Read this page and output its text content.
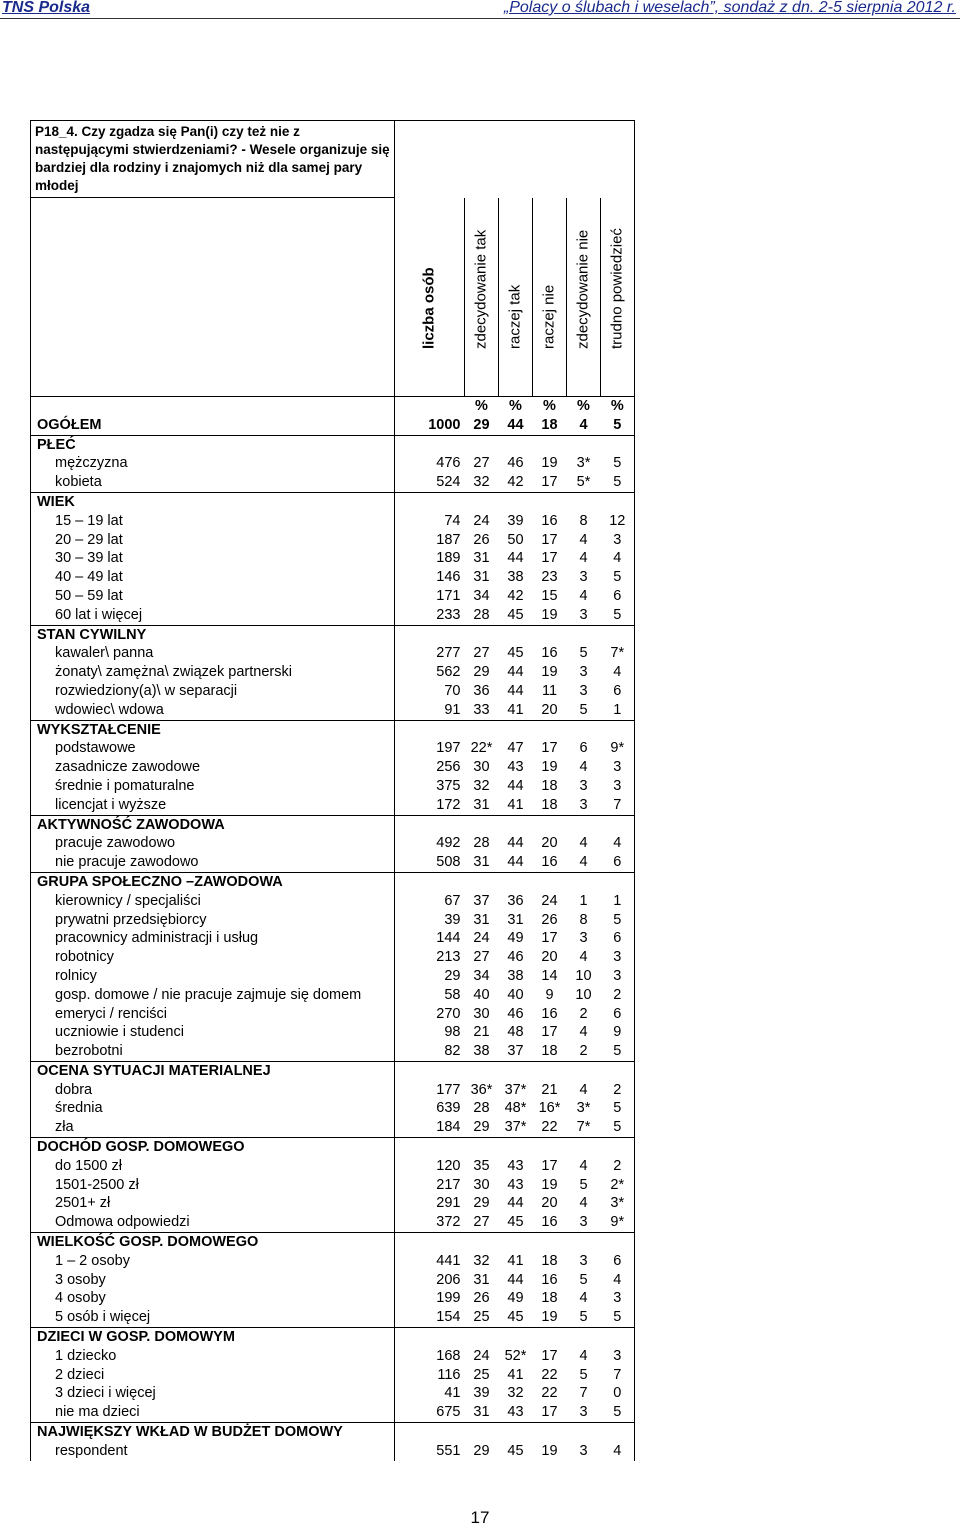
TNS Polska	„Polacy o ślubach i weselach”, sondaż z dn. 2-5 sierpnia 2012 r.
P18_4. Czy zgadza się Pan(i) czy też nie z następującymi stwierdzeniami? - Wesele organizuje się bardziej dla rodziny i znajomych niż dla samej pary młodej						

	liczba osób	zdecydowanie tak	raczej tak	raczej nie	zdecydowanie nie	trudno powiedzieć

		%	%	%	%	%
OGÓŁEM	1000	29	44	18	4	5
PŁEĆ						
mężczyzna	476	27	46	19	3*	5
kobieta	524	32	42	17	5*	5
WIEK						
15 – 19 lat	74	24	39	16	8	12
20 – 29 lat	187	26	50	17	4	3
30 – 39 lat	189	31	44	17	4	4
40 – 49 lat	146	31	38	23	3	5
50 – 59 lat	171	34	42	15	4	6
60 lat i więcej	233	28	45	19	3	5
STAN CYWILNY						
kawaler\ panna	277	27	45	16	5	7*
żonaty\ zamężna\ związek partnerski	562	29	44	19	3	4
rozwiedziony(a)\ w separacji	70	36	44	11	3	6
wdowiec\ wdowa	91	33	41	20	5	1
WYKSZTAŁCENIE						
podstawowe	197	22*	47	17	6	9*
zasadnicze zawodowe	256	30	43	19	4	3
średnie i pomaturalne	375	32	44	18	3	3
licencjat i wyższe	172	31	41	18	3	7
AKTYWNOŚĆ ZAWODOWA						
pracuje zawodowo	492	28	44	20	4	4
nie pracuje zawodowo	508	31	44	16	4	6
GRUPA SPOŁECZNO –ZAWODOWA						
kierownicy / specjaliści	67	37	36	24	1	1
prywatni przedsiębiorcy	39	31	31	26	8	5
pracownicy administracji i usług	144	24	49	17	3	6
robotnicy	213	27	46	20	4	3
rolnicy	29	34	38	14	10	3
gosp. domowe / nie pracuje zajmuje się domem	58	40	40	9	10	2
emeryci / renciści	270	30	46	16	2	6
uczniowie i studenci	98	21	48	17	4	9
bezrobotni	82	38	37	18	2	5
OCENA SYTUACJI MATERIALNEJ						
dobra	177	36*	37*	21	4	2
średnia	639	28	48*	16*	3*	5
zła	184	29	37*	22	7*	5
DOCHÓD GOSP. DOMOWEGO						
do 1500 zł	120	35	43	17	4	2
1501-2500 zł	217	30	43	19	5	2*
2501+ zł	291	29	44	20	4	3*
Odmowa odpowiedzi	372	27	45	16	3	9*
WIELKOŚĆ GOSP. DOMOWEGO						
1 – 2 osoby	441	32	41	18	3	6
3 osoby	206	31	44	16	5	4
4 osoby	199	26	49	18	4	3
5 osób i więcej	154	25	45	19	5	5
DZIECI W GOSP. DOMOWYM						
1 dziecko	168	24	52*	17	4	3
2 dzieci	116	25	41	22	5	7
3 dzieci i więcej	41	39	32	22	7	0
nie ma dzieci	675	31	43	17	3	5
NAJWIĘKSZY WKŁAD W BUDŻET DOMOWY						
respondent	551	29	45	19	3	4
17
